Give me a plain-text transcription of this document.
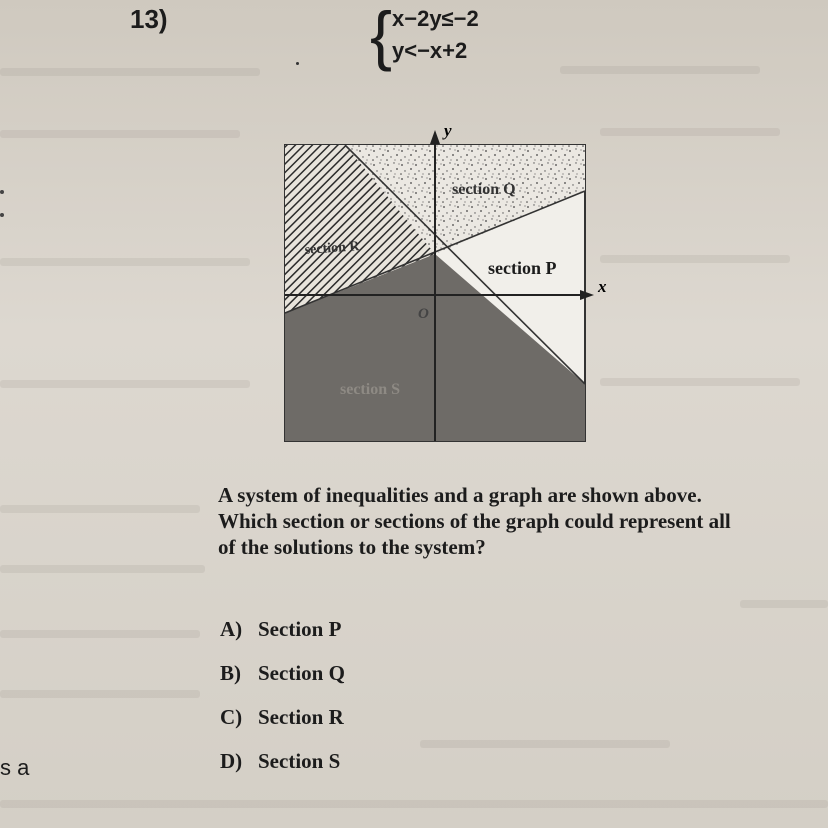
13)	{ x−2y≤−2
y<−x+2
x
y
O
section Q
section R
section P
section S
A system of inequalities and a graph are shown above. Which section or sections of the graph could represent all of the solutions to the system?
A) Section P
B) Section Q
C) Section R
D) Section S
s a
